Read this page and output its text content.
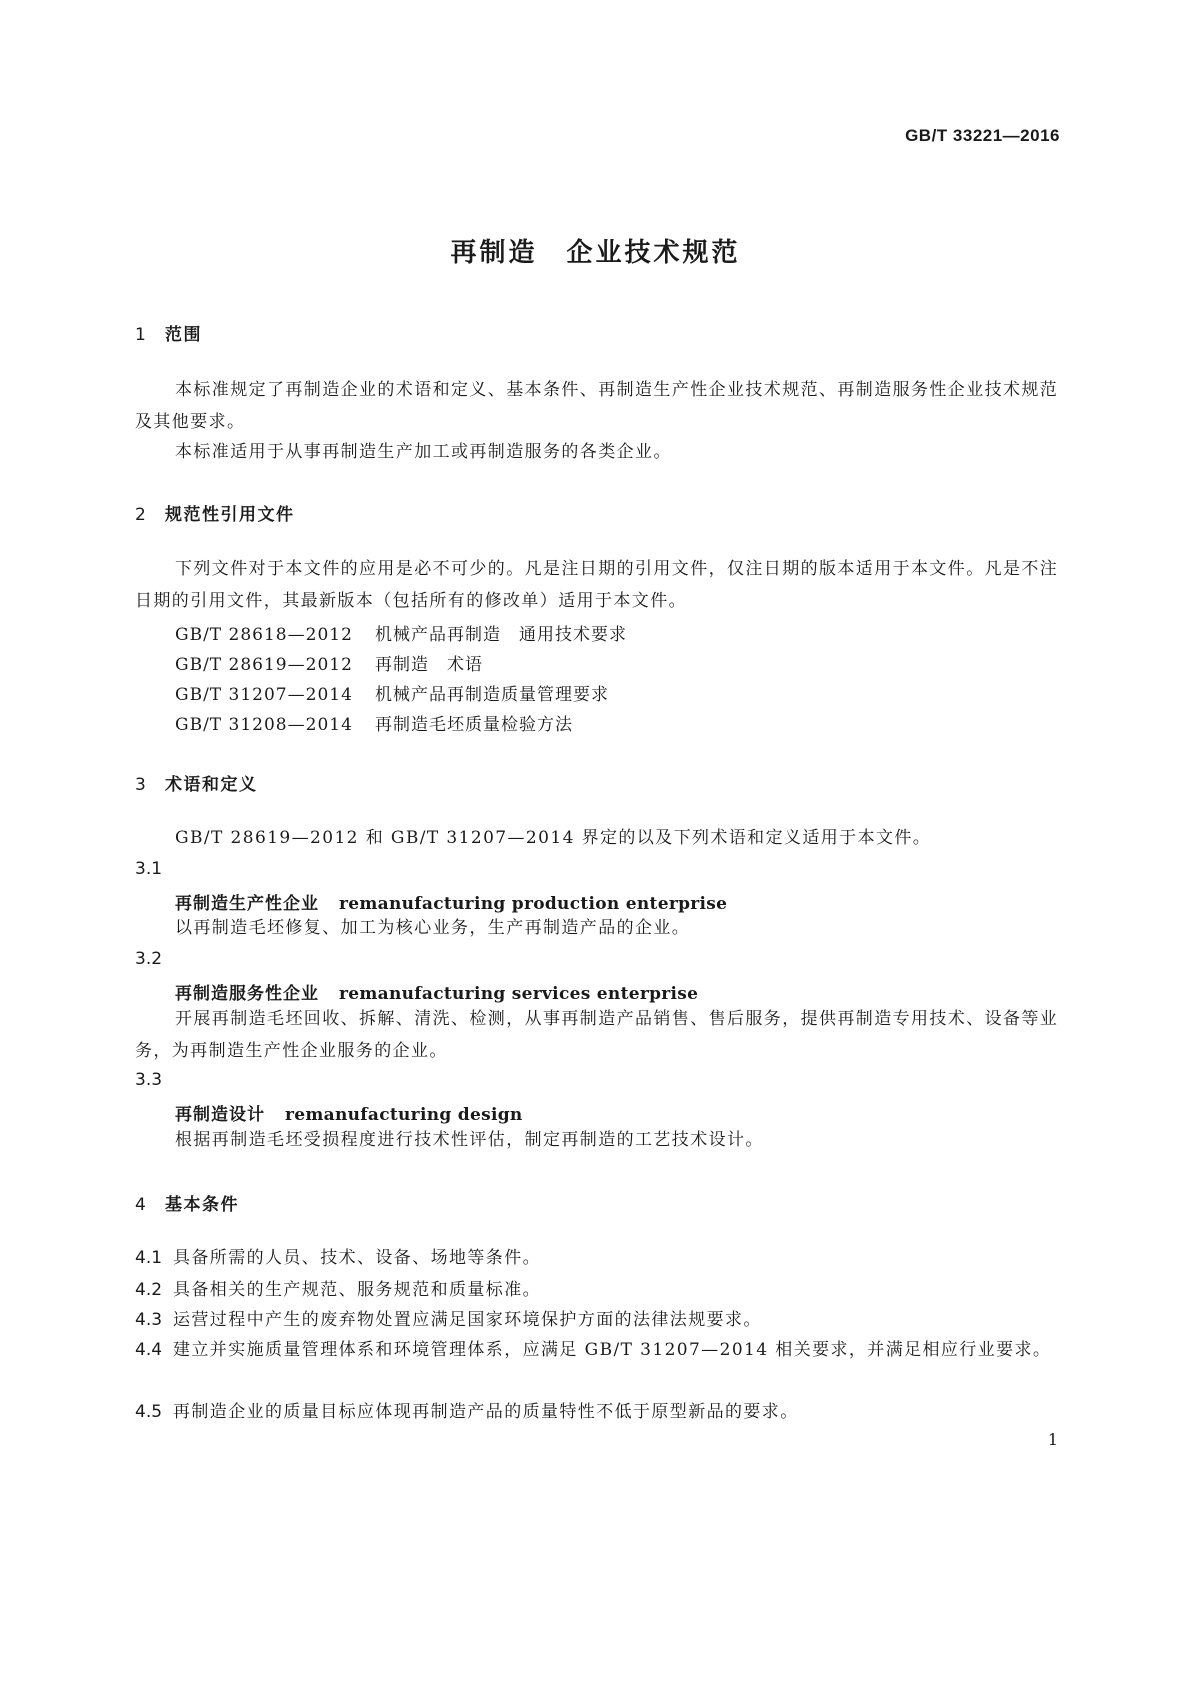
GB/T 33221—2016
再制造　企业技术规范
1 范围
本标准规定了再制造企业的术语和定义、基本条件、再制造生产性企业技术规范、再制造服务性企业技术规范及其他要求。
本标准适用于从事再制造生产加工或再制造服务的各类企业。
2 规范性引用文件
下列文件对于本文件的应用是必不可少的。凡是注日期的引用文件，仅注日期的版本适用于本文件。凡是不注日期的引用文件，其最新版本（包括所有的修改单）适用于本文件。
GB/T 28618—2012 机械产品再制造　通用技术要求
GB/T 28619—2012 再制造　术语
GB/T 31207—2014 机械产品再制造质量管理要求
GB/T 31208—2014 再制造毛坯质量检验方法
3 术语和定义
GB/T 28619—2012 和 GB/T 31207—2014 界定的以及下列术语和定义适用于本文件。
3.1
再制造生产性企业 remanufacturing production enterprise
以再制造毛坯修复、加工为核心业务，生产再制造产品的企业。
3.2
再制造服务性企业 remanufacturing services enterprise
开展再制造毛坯回收、拆解、清洗、检测，从事再制造产品销售、售后服务，提供再制造专用技术、设备等业务，为再制造生产性企业服务的企业。
3.3
再制造设计 remanufacturing design
根据再制造毛坯受损程度进行技术性评估，制定再制造的工艺技术设计。
4 基本条件
4.1 具备所需的人员、技术、设备、场地等条件。
4.2 具备相关的生产规范、服务规范和质量标准。
4.3 运营过程中产生的废弃物处置应满足国家环境保护方面的法律法规要求。
4.4 建立并实施质量管理体系和环境管理体系，应满足 GB/T 31207—2014 相关要求，并满足相应行业要求。
4.5 再制造企业的质量目标应体现再制造产品的质量特性不低于原型新品的要求。
1
